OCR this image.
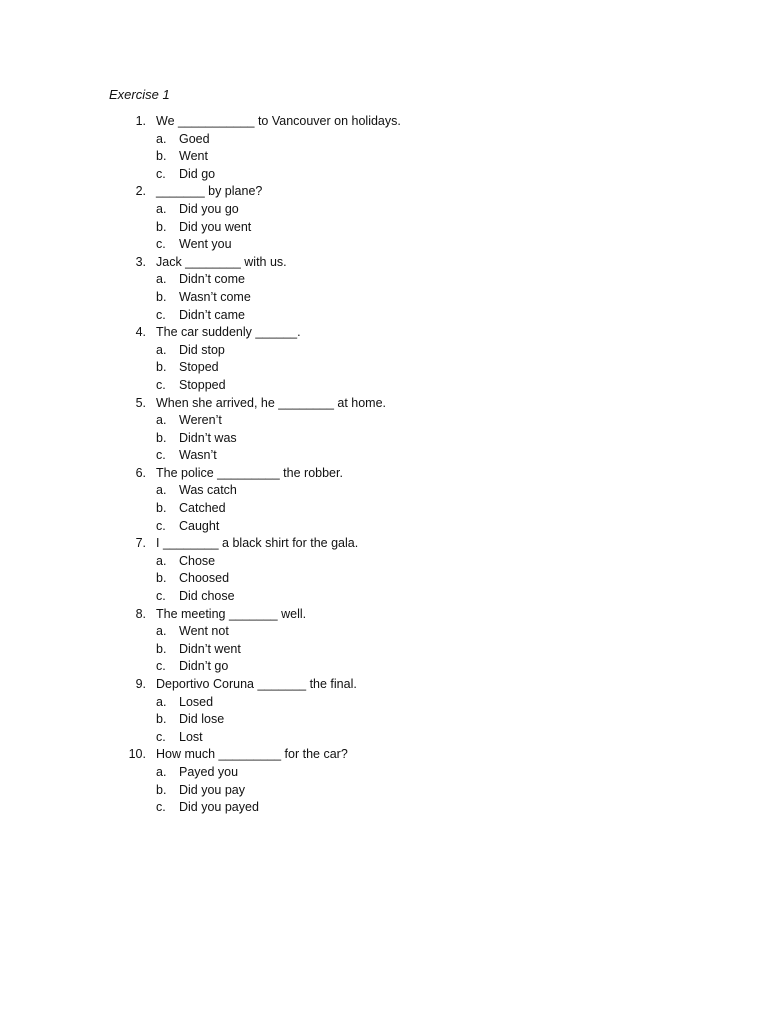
Exercise 1
1. We ___________ to Vancouver on holidays.
a. Goed
b. Went
c. Did go
2. _______ by plane?
a. Did you go
b. Did you went
c. Went you
3. Jack ________ with us.
a. Didn’t come
b. Wasn’t come
c. Didn’t came
4. The car suddenly ______.
a. Did stop
b. Stoped
c. Stopped
5. When she arrived, he ________ at home.
a. Weren’t
b. Didn’t was
c. Wasn’t
6. The police _________ the robber.
a. Was catch
b. Catched
c. Caught
7. I ________ a black shirt for the gala.
a. Chose
b. Choosed
c. Did chose
8. The meeting _______ well.
a. Went not
b. Didn’t went
c. Didn’t go
9. Deportivo Coruna _______ the final.
a. Losed
b. Did lose
c. Lost
10. How much _________ for the car?
a. Payed you
b. Did you pay
c. Did you payed
